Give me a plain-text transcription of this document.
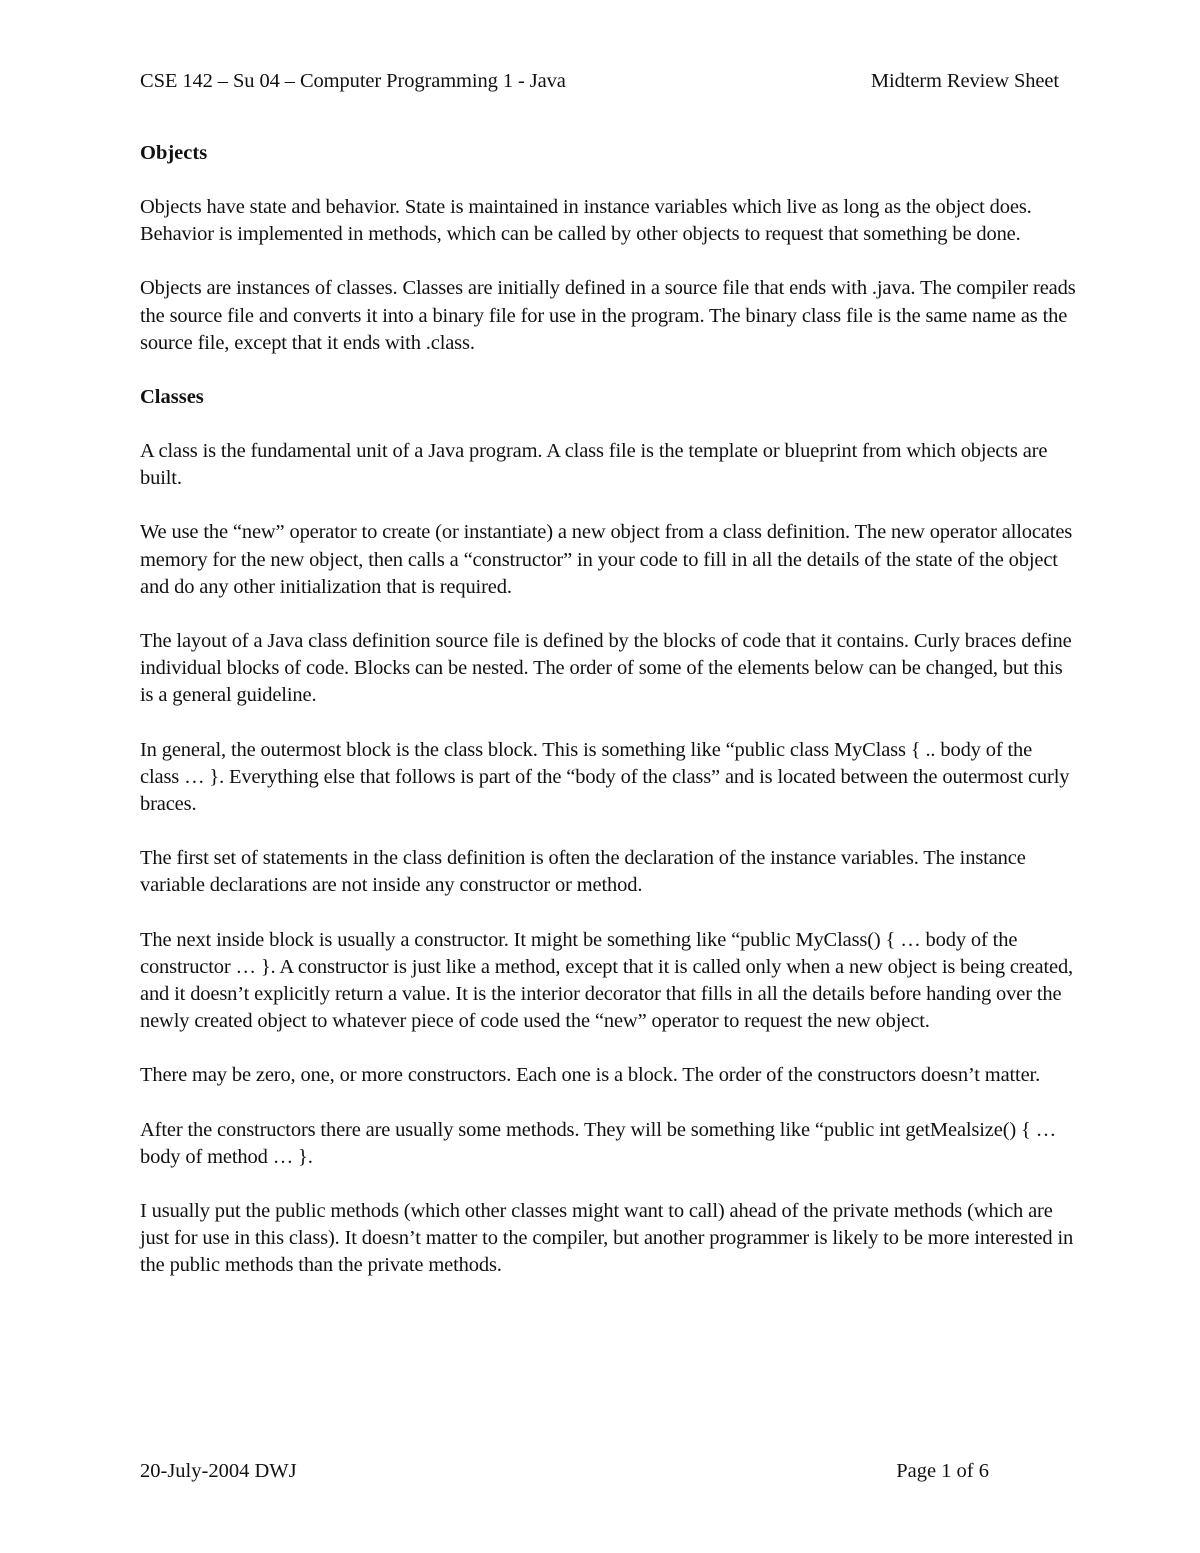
CSE 142 – Su 04 – Computer Programming 1 - Java	Midterm Review Sheet
Objects

Objects have state and behavior. State is maintained in instance variables which live as long as the object does. Behavior is implemented in methods, which can be called by other objects to request that something be done.

Objects are instances of classes. Classes are initially defined in a source file that ends with .java. The compiler reads the source file and converts it into a binary file for use in the program. The binary class file is the same name as the source file, except that it ends with .class.

Classes

A class is the fundamental unit of a Java program. A class file is the template or blueprint from which objects are built.

We use the “new” operator to create (or instantiate) a new object from a class definition. The new operator allocates memory for the new object, then calls a “constructor” in your code to fill in all the details of the state of the object and do any other initialization that is required.

The layout of a Java class definition source file is defined by the blocks of code that it contains. Curly braces define individual blocks of code. Blocks can be nested. The order of some of the elements below can be changed, but this is a general guideline.

In general, the outermost block is the class block. This is something like “public class MyClass { .. body of the class … }. Everything else that follows is part of the “body of the class” and is located between the outermost curly braces.

The first set of statements in the class definition is often the declaration of the instance variables. The instance variable declarations are not inside any constructor or method.

The next inside block is usually a constructor. It might be something like “public MyClass() { … body of the constructor … }. A constructor is just like a method, except that it is called only when a new object is being created, and it doesn’t explicitly return a value. It is the interior decorator that fills in all the details before handing over the newly created object to whatever piece of code used the “new” operator to request the new object.

There may be zero, one, or more constructors. Each one is a block. The order of the constructors doesn’t matter.

After the constructors there are usually some methods. They will be something like “public int getMealsize() { … body of method … }.

I usually put the public methods (which other classes might want to call) ahead of the private methods (which are just for use in this class). It doesn’t matter to the compiler, but another programmer is likely to be more interested in the public methods than the private methods.

20-July-2004 DWJ	Page 1 of 6
